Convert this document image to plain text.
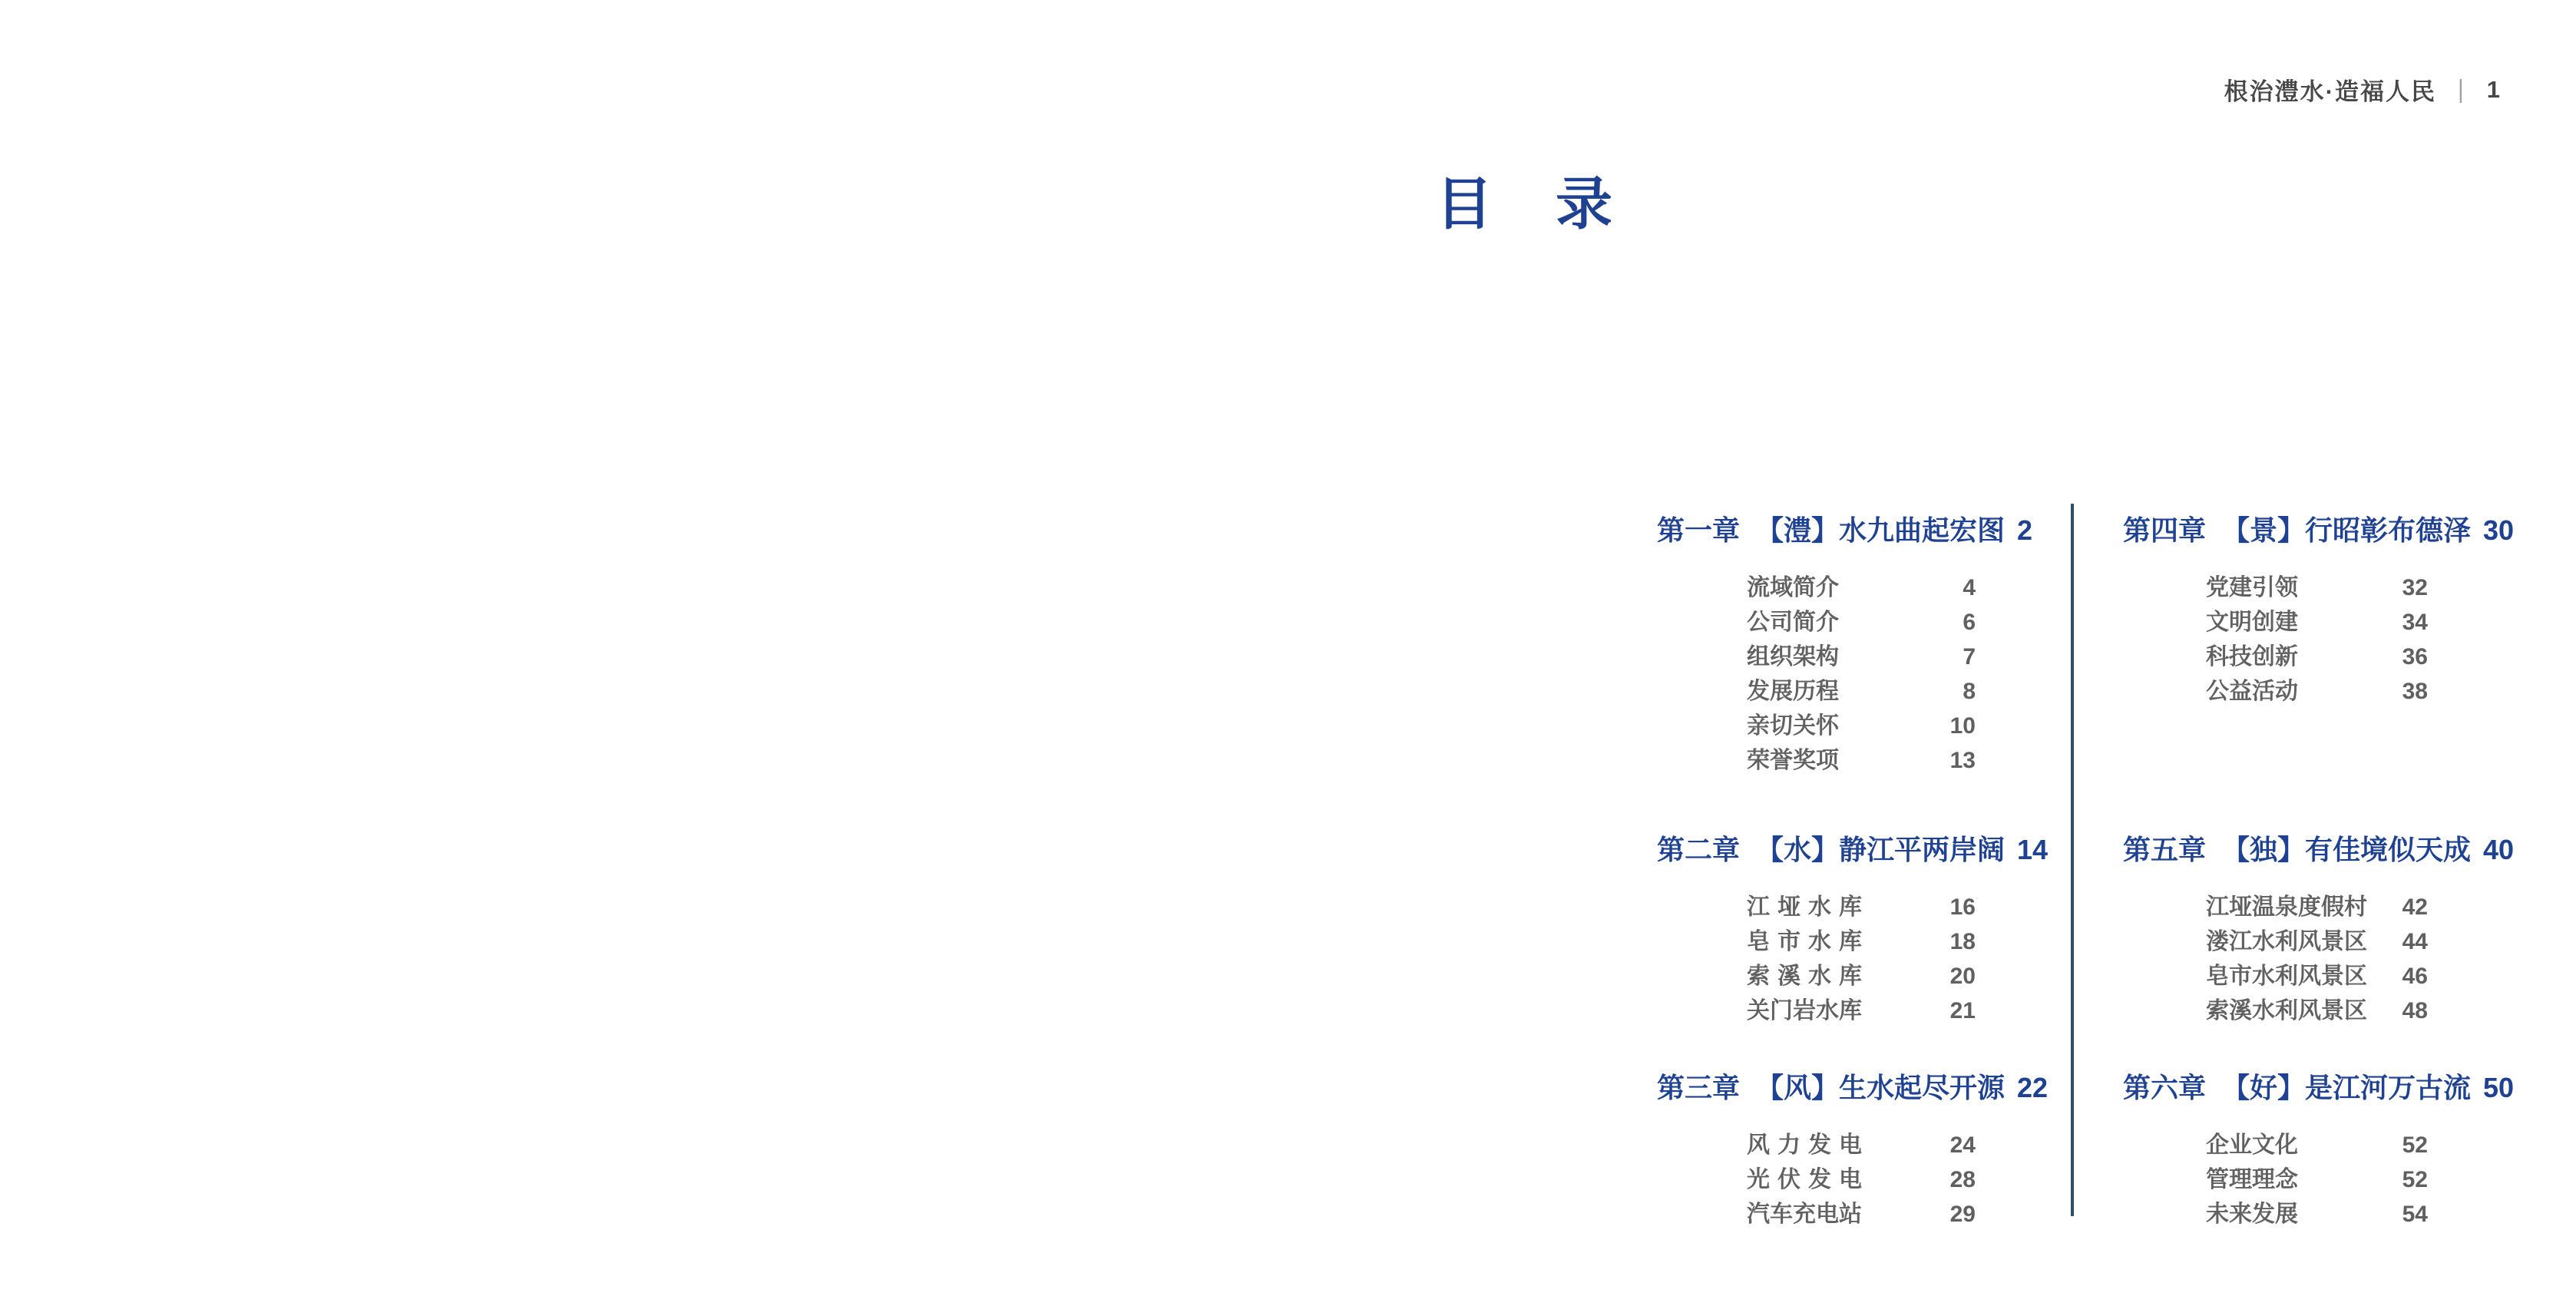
根治澧水·造福人民 | 1
目　录
第一章 【澧】水九曲起宏图 2
流域简介	4
公司简介	6
组织架构	7
发展历程	8
亲切关怀	10
荣誉奖项	13
第二章 【水】静江平两岸阔 14
江垭水库	16
皂市水库	18
索溪水库	20
关门岩水库	21
第三章 【风】生水起尽开源 22
风力发电	24
光伏发电	28
汽车充电站	29
第四章 【景】行昭彰布德泽 30
党建引领	32
文明创建	34
科技创新	36
公益活动	38
第五章 【独】有佳境似天成 40
江垭温泉度假村	42
溇江水利风景区	44
皂市水利风景区	46
索溪水利风景区	48
第六章 【好】是江河万古流 50
企业文化	52
管理理念	52
未来发展	54
